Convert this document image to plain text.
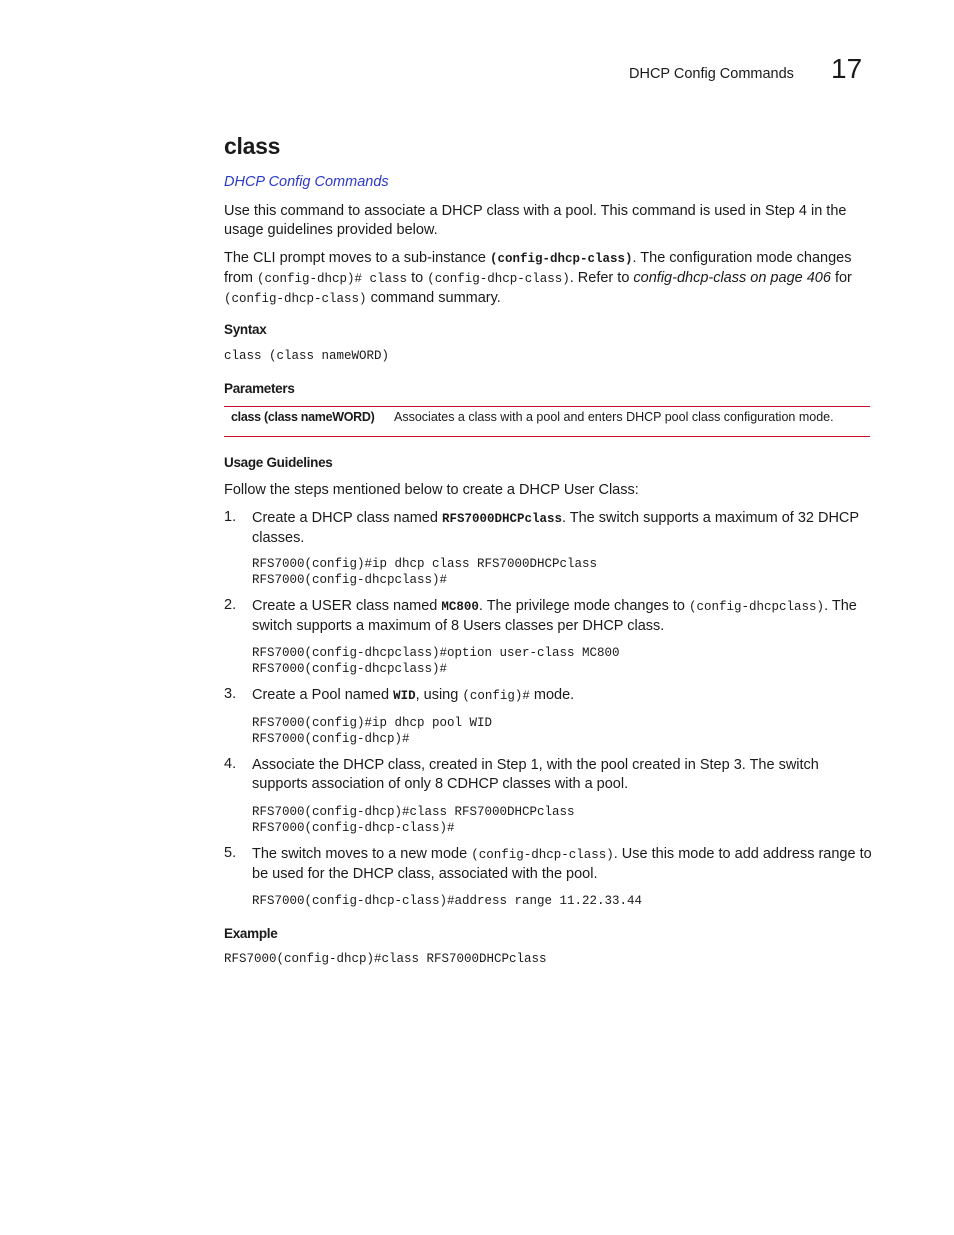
DHCP Config Commands 17
class
DHCP Config Commands
Use this command to associate a DHCP class with a pool. This command is used in Step 4 in the usage guidelines provided below.
The CLI prompt moves to a sub-instance (config-dhcp-class). The configuration mode changes from (config-dhcp)# class to (config-dhcp-class). Refer to config-dhcp-class on page 406 for (config-dhcp-class) command summary.
Syntax
class (class nameWORD)
Parameters
class (class nameWORD) Associates a class with a pool and enters DHCP pool class configuration mode.
Usage Guidelines
Follow the steps mentioned below to create a DHCP User Class:
1. Create a DHCP class named RFS7000DHCPclass. The switch supports a maximum of 32 DHCP classes.
RFS7000(config)#ip dhcp class RFS7000DHCPclass
RFS7000(config-dhcpclass)#
2. Create a USER class named MC800. The privilege mode changes to (config-dhcpclass). The switch supports a maximum of 8 Users classes per DHCP class.
RFS7000(config-dhcpclass)#option user-class MC800
RFS7000(config-dhcpclass)#
3. Create a Pool named WID, using (config)# mode.
RFS7000(config)#ip dhcp pool WID
RFS7000(config-dhcp)#
4. Associate the DHCP class, created in Step 1, with the pool created in Step 3. The switch supports association of only 8 CDHCP classes with a pool.
RFS7000(config-dhcp)#class RFS7000DHCPclass
RFS7000(config-dhcp-class)#
5. The switch moves to a new mode (config-dhcp-class). Use this mode to add address range to be used for the DHCP class, associated with the pool.
RFS7000(config-dhcp-class)#address range 11.22.33.44
Example
RFS7000(config-dhcp)#class RFS7000DHCPclass
